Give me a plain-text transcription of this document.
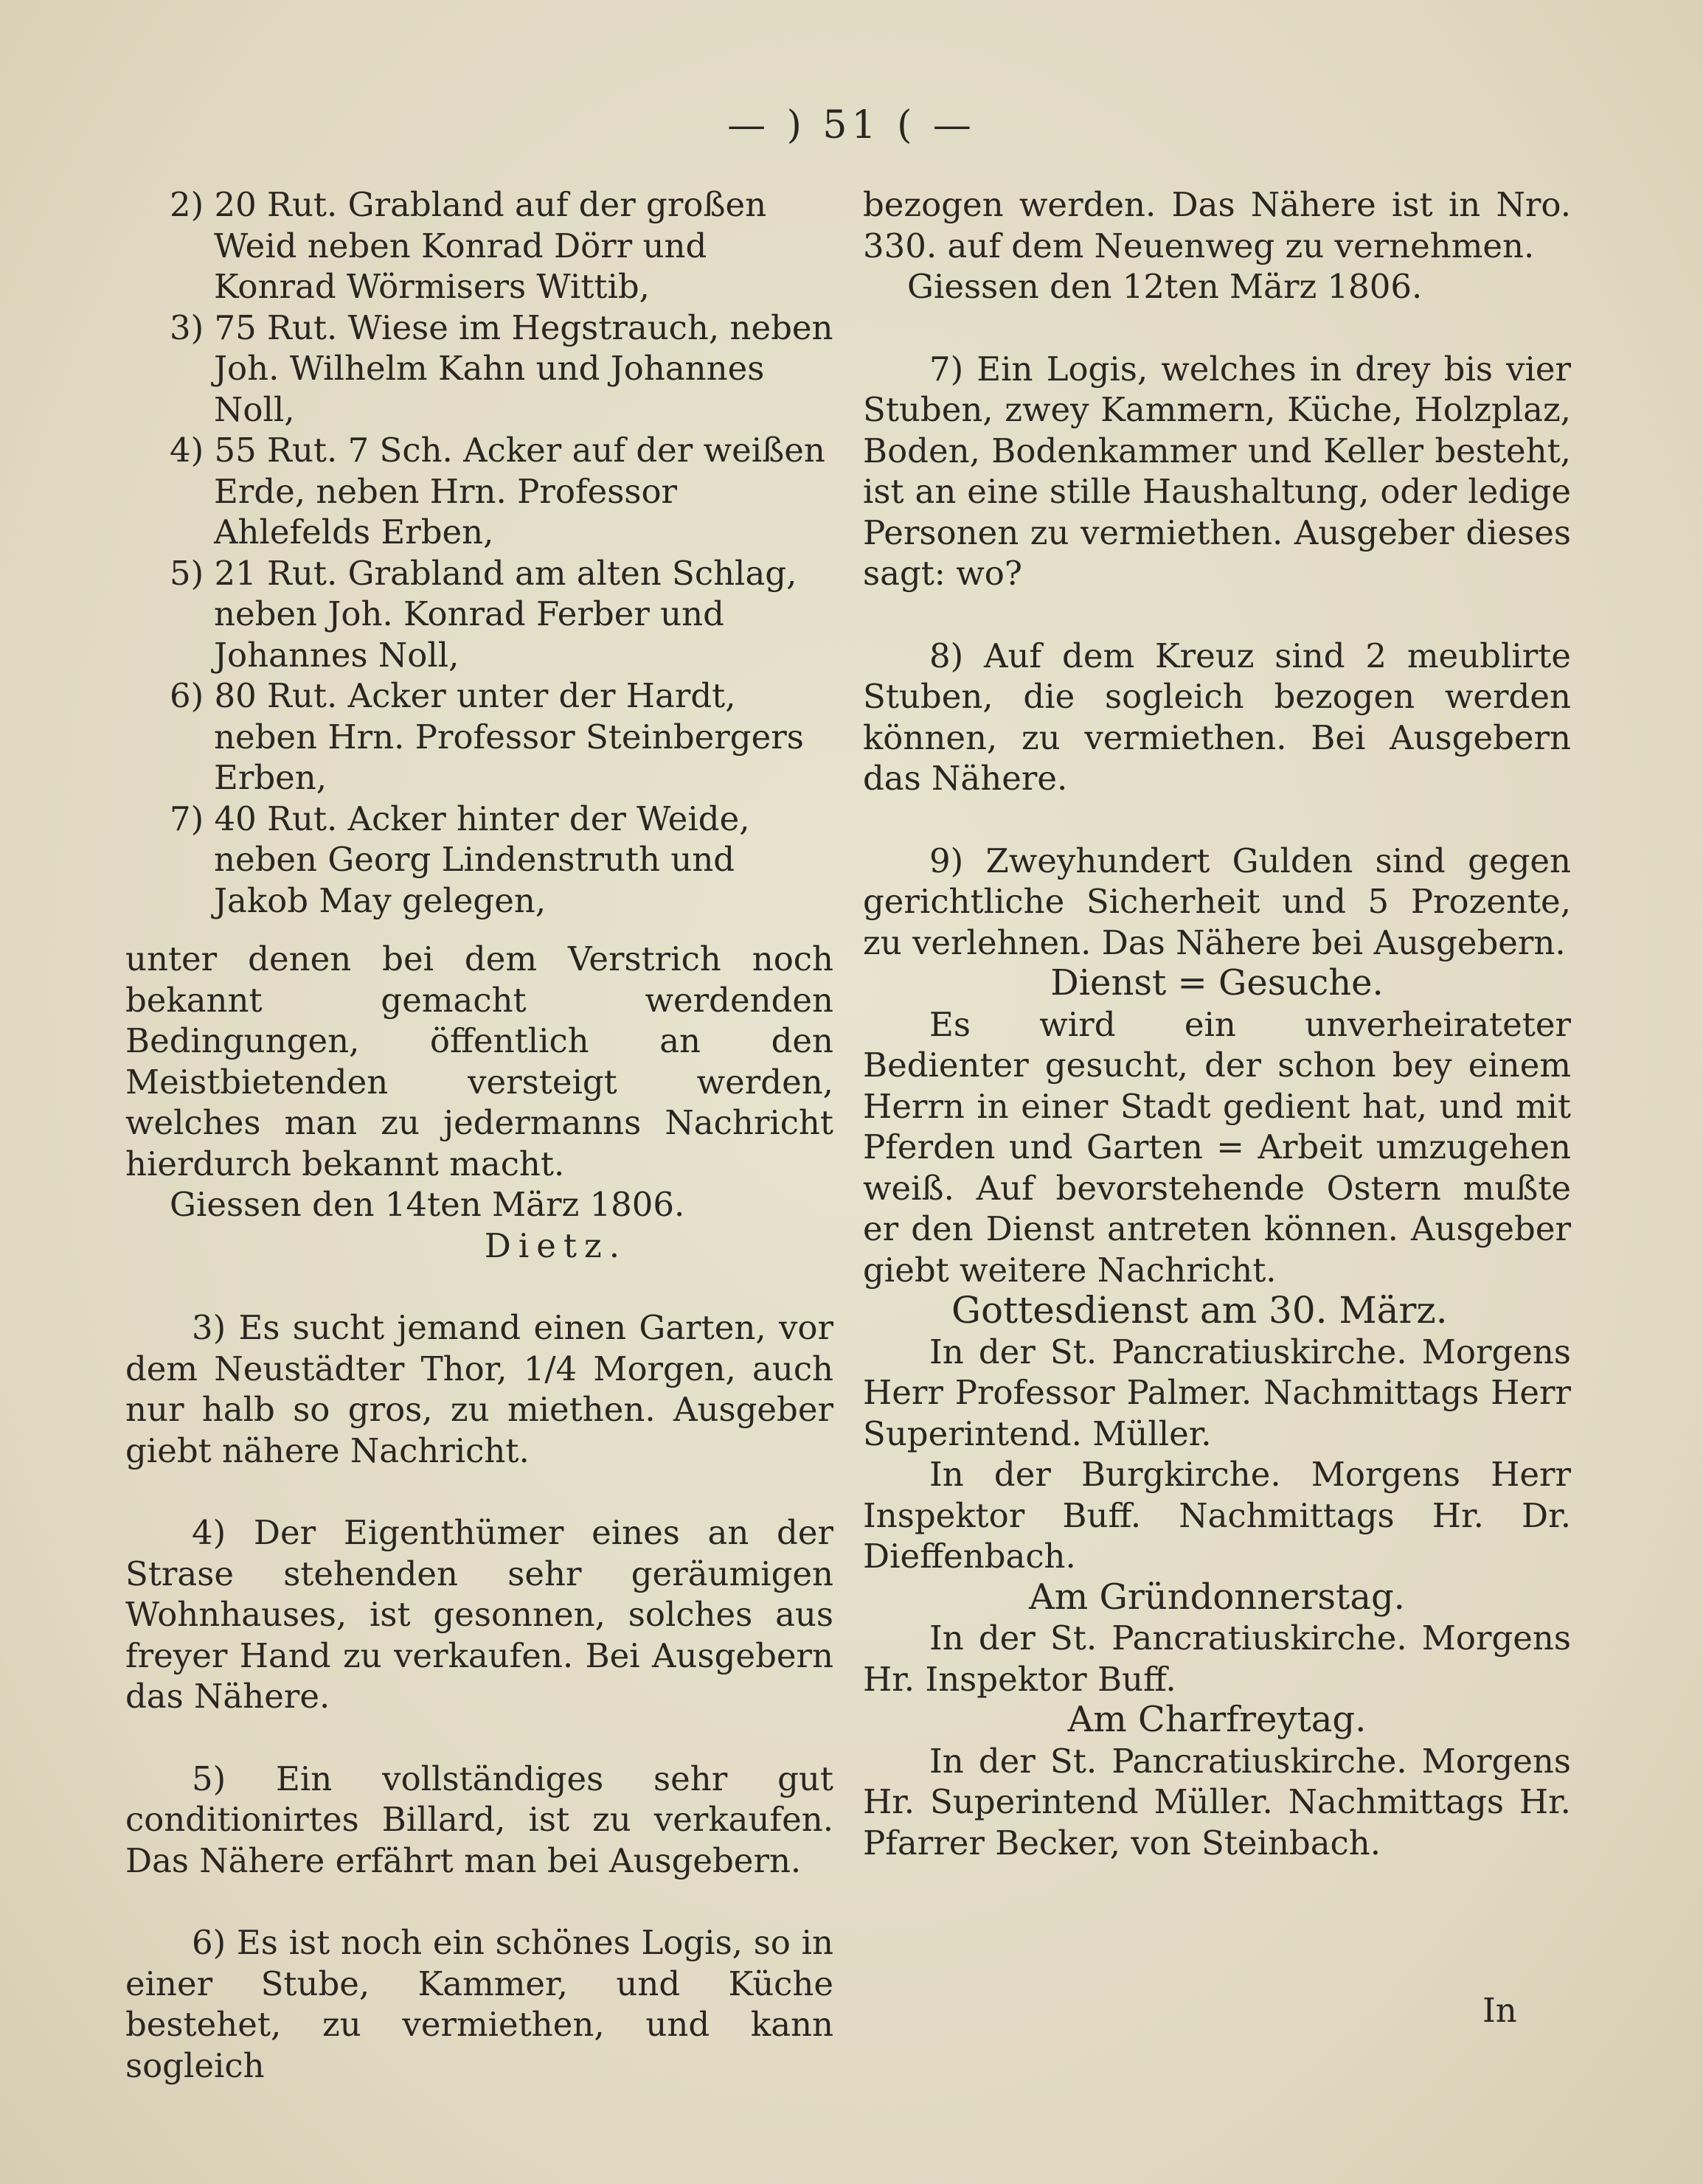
— ) 51 ( —

2) 20 Rut. Grabland auf der großen Weid neben Konrad Dörr und Konrad Wörmisers Wittib,

3) 75 Rut. Wiese im Hegstrauch, neben Joh. Wilhelm Kahn und Johannes Noll,

4) 55 Rut. 7 Sch. Acker auf der weißen Erde, neben Hrn. Professor Ahlefelds Erben,

5) 21 Rut. Grabland am alten Schlag, neben Joh. Konrad Ferber und Johannes Noll,

6) 80 Rut. Acker unter der Hardt, neben Hrn. Professor Steinbergers Erben,

7) 40 Rut. Acker hinter der Weide, neben Georg Lindenstruth und Jakob May gelegen,

unter denen bei dem Verstrich noch bekannt gemacht werdenden Bedingungen, öffentlich an den Meistbietenden versteigt werden, welches man zu jedermanns Nachricht hierdurch bekannt macht.

Giessen den 14ten März 1806.

Dietz.

3) Es sucht jemand einen Garten, vor dem Neustädter Thor, 1/4 Morgen, auch nur halb so gros, zu miethen. Ausgeber giebt nähere Nachricht.

4) Der Eigenthümer eines an der Strase stehenden sehr geräumigen Wohnhauses, ist gesonnen, solches aus freyer Hand zu verkaufen. Bei Ausgebern das Nähere.

5) Ein vollständiges sehr gut conditionirtes Billard, ist zu verkaufen. Das Nähere erfährt man bei Ausgebern.

6) Es ist noch ein schönes Logis, so in einer Stube, Kammer, und Küche bestehet, zu vermiethen, und kann sogleich

bezogen werden. Das Nähere ist in Nro. 330. auf dem Neuenweg zu vernehmen.

Giessen den 12ten März 1806.

7) Ein Logis, welches in drey bis vier Stuben, zwey Kammern, Küche, Holzplaz, Boden, Bodenkammer und Keller besteht, ist an eine stille Haushaltung, oder ledige Personen zu vermiethen. Ausgeber dieses sagt: wo?

8) Auf dem Kreuz sind 2 meublirte Stuben, die sogleich bezogen werden können, zu vermiethen. Bei Ausgebern das Nähere.

9) Zweyhundert Gulden sind gegen gerichtliche Sicherheit und 5 Prozente, zu verlehnen. Das Nähere bei Ausgebern.

Dienst = Gesuche.

Es wird ein unverheirateter Bedienter gesucht, der schon bey einem Herrn in einer Stadt gedient hat, und mit Pferden und Garten = Arbeit umzugehen weiß. Auf bevorstehende Ostern mußte er den Dienst antreten können. Ausgeber giebt weitere Nachricht.

Gottesdienst am 30. März.

In der St. Pancratiuskirche. Morgens Herr Professor Palmer. Nachmittags Herr Superintend. Müller.

In der Burgkirche. Morgens Herr Inspektor Buff. Nachmittags Hr. Dr. Dieffenbach.

Am Gründonnerstag.

In der St. Pancratiuskirche. Morgens Hr. Inspektor Buff.

Am Charfreytag.

In der St. Pancratiuskirche. Morgens Hr. Superintend Müller. Nachmittags Hr. Pfarrer Becker, von Steinbach.

In
